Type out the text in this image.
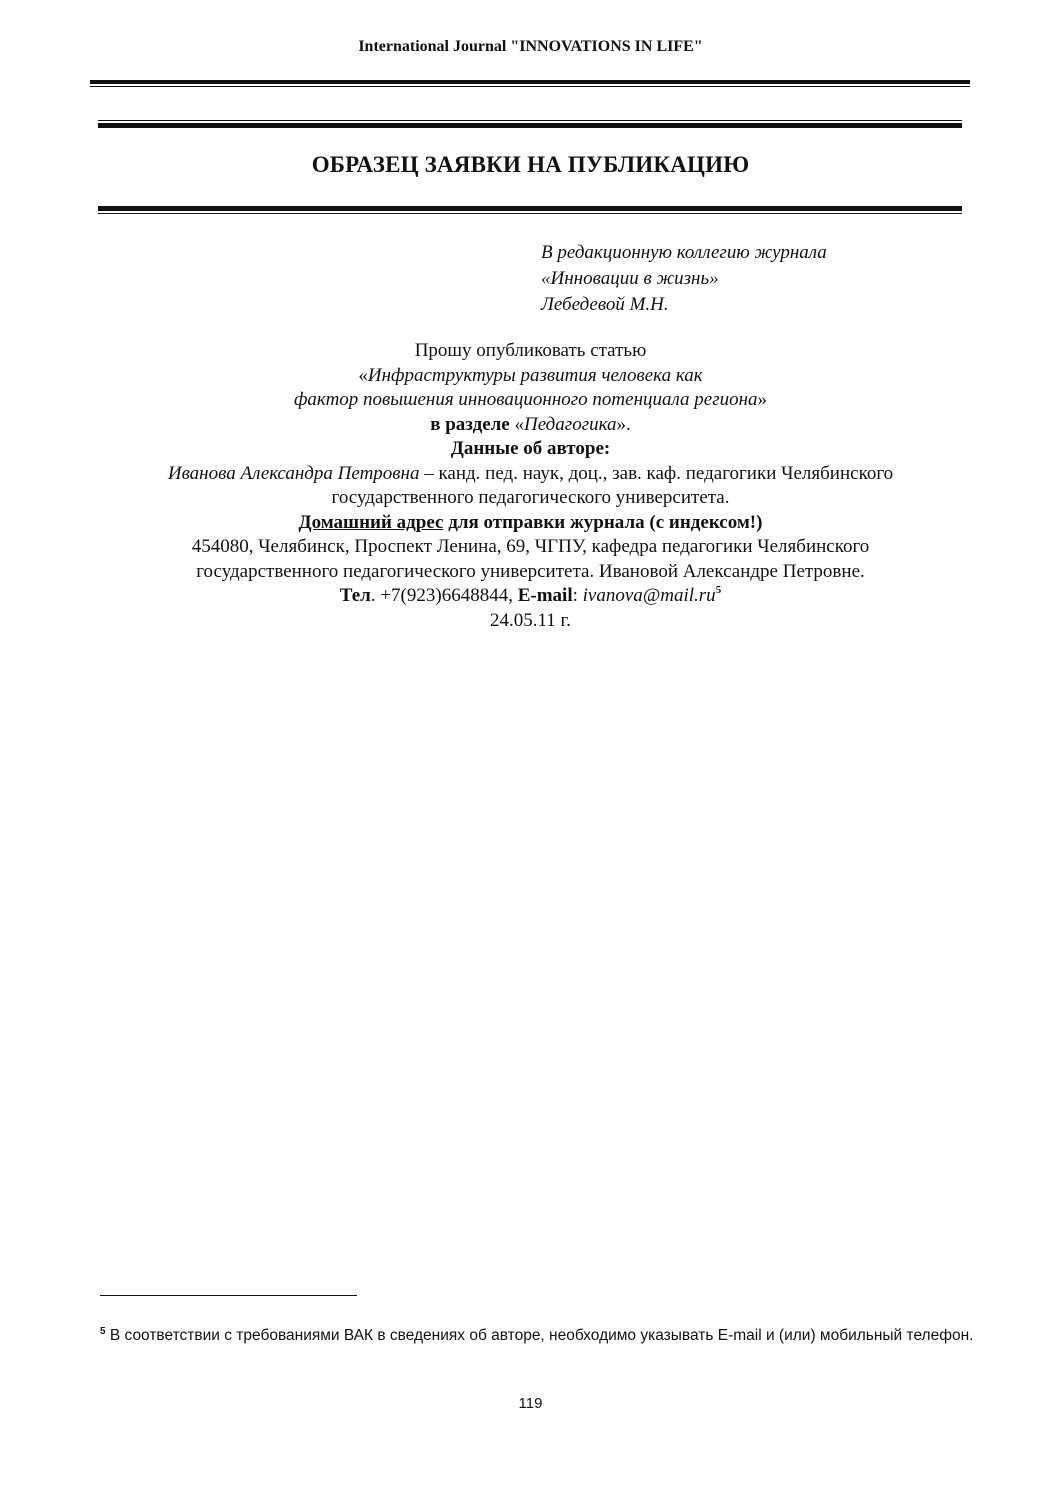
International Journal "INNOVATIONS IN LIFE"
ОБРАЗЕЦ ЗАЯВКИ НА ПУБЛИКАЦИЮ
В редакционную коллегию журнала
«Инновации в жизнь»
Лебедевой М.Н.
Прошу опубликовать статью
«Инфраструктуры развития человека как
фактор повышения инновационного потенциала региона»
в разделе «Педагогика».
Данные об авторе:
Иванова Александра Петровна – канд. пед. наук, доц., зав. каф. педагогики Челябинского
государственного педагогического университета.
Домашний адрес для отправки журнала (с индексом!)
454080, Челябинск, Проспект Ленина, 69, ЧГПУ, кафедра педагогики Челябинского
государственного педагогического университета. Ивановой Александре Петровне.
Тел. +7(923)6648844, E-mail: $ivanova@mail.ru^5$
24.05.11 г.
$^5$ В соответствии с требованиями ВАК в сведениях об авторе, необходимо указывать E-mail и (или) мобильный телефон.
119
